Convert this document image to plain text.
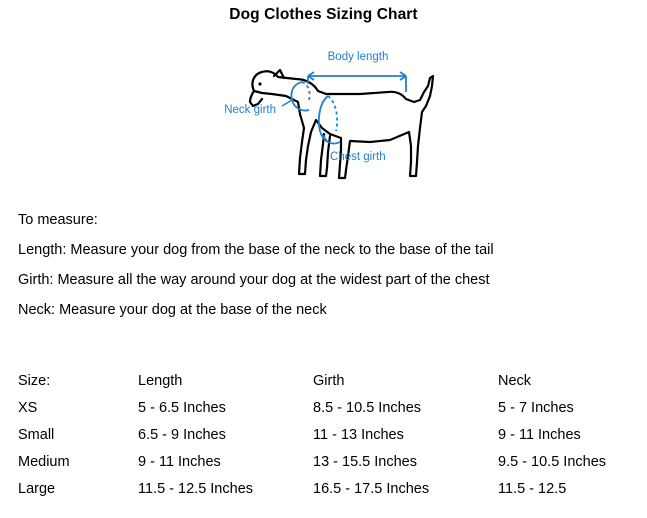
Dog Clothes Sizing Chart
Body length
Neck girth
Chest girth
To measure:
Length: Measure your dog from the base of the neck to the base of the tail
Girth: Measure all the way around your dog at the widest part of the chest
Neck: Measure your dog at the base of the neck
Size:	Length	Girth	Neck
XS	5 - 6.5 Inches	8.5 - 10.5 Inches	5 - 7 Inches
Small	6.5 - 9 Inches	11 - 13 Inches	9 - 11 Inches
Medium	9 - 11 Inches	13 - 15.5 Inches	9.5 - 10.5 Inches
Large	11.5 - 12.5 Inches	16.5 - 17.5 Inches	11.5 - 12.5
